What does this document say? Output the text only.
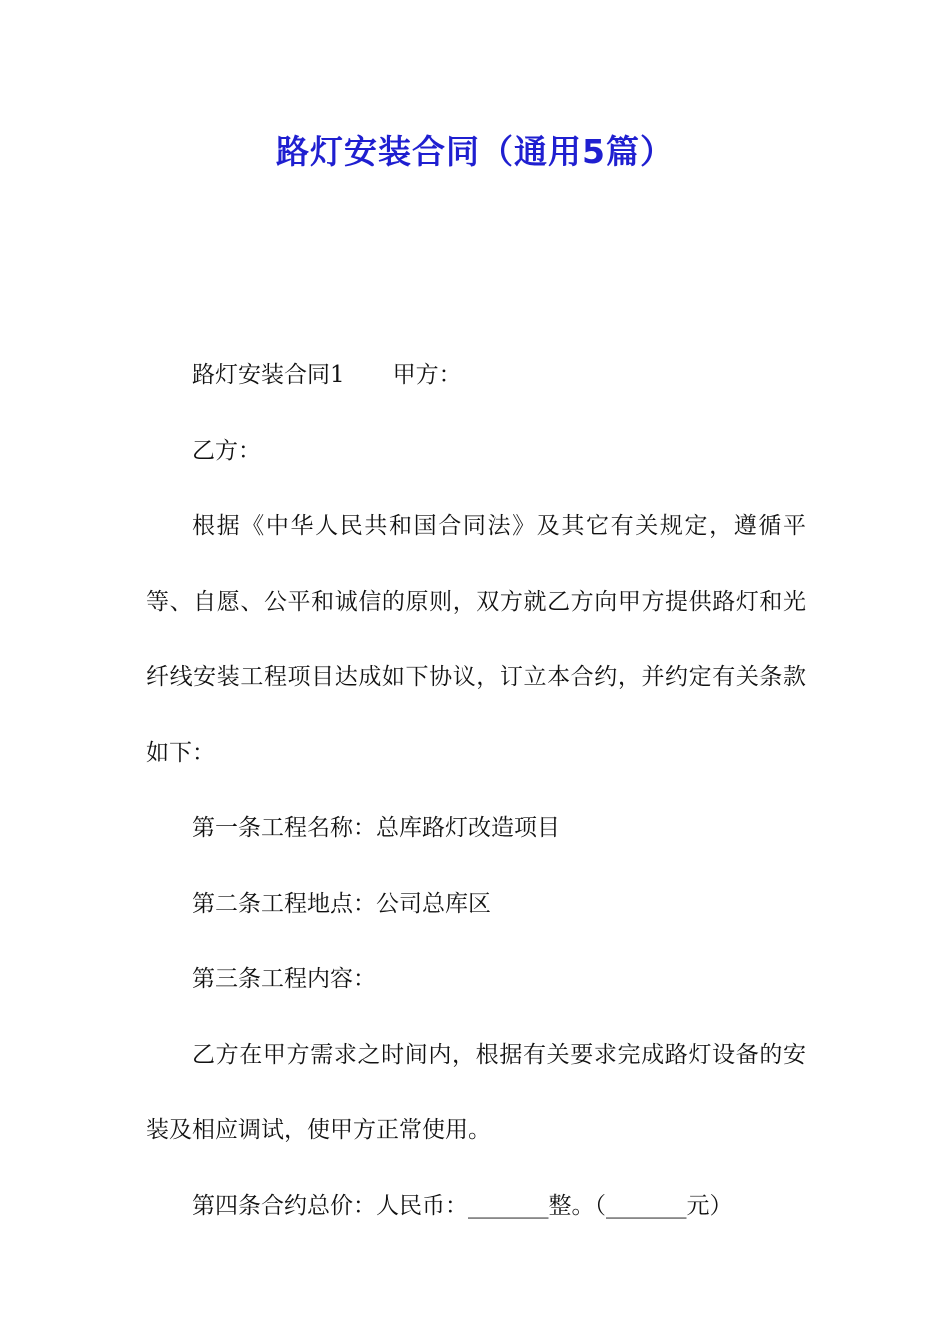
路灯安装合同（通用5篇）

路灯安装合同1 甲方：

乙方：

根据《中华人民共和国合同法》及其它有关规定，遵循平等、自愿、公平和诚信的原则，双方就乙方向甲方提供路灯和光纤线安装工程项目达成如下协议，订立本合约，并约定有关条款如下：

第一条工程名称：总库路灯改造项目

第二条工程地点：公司总库区

第三条工程内容：

乙方在甲方需求之时间内，根据有关要求完成路灯设备的安装及相应调试，使甲方正常使用。

第四条合约总价：人民币：_______整。（_______元）
